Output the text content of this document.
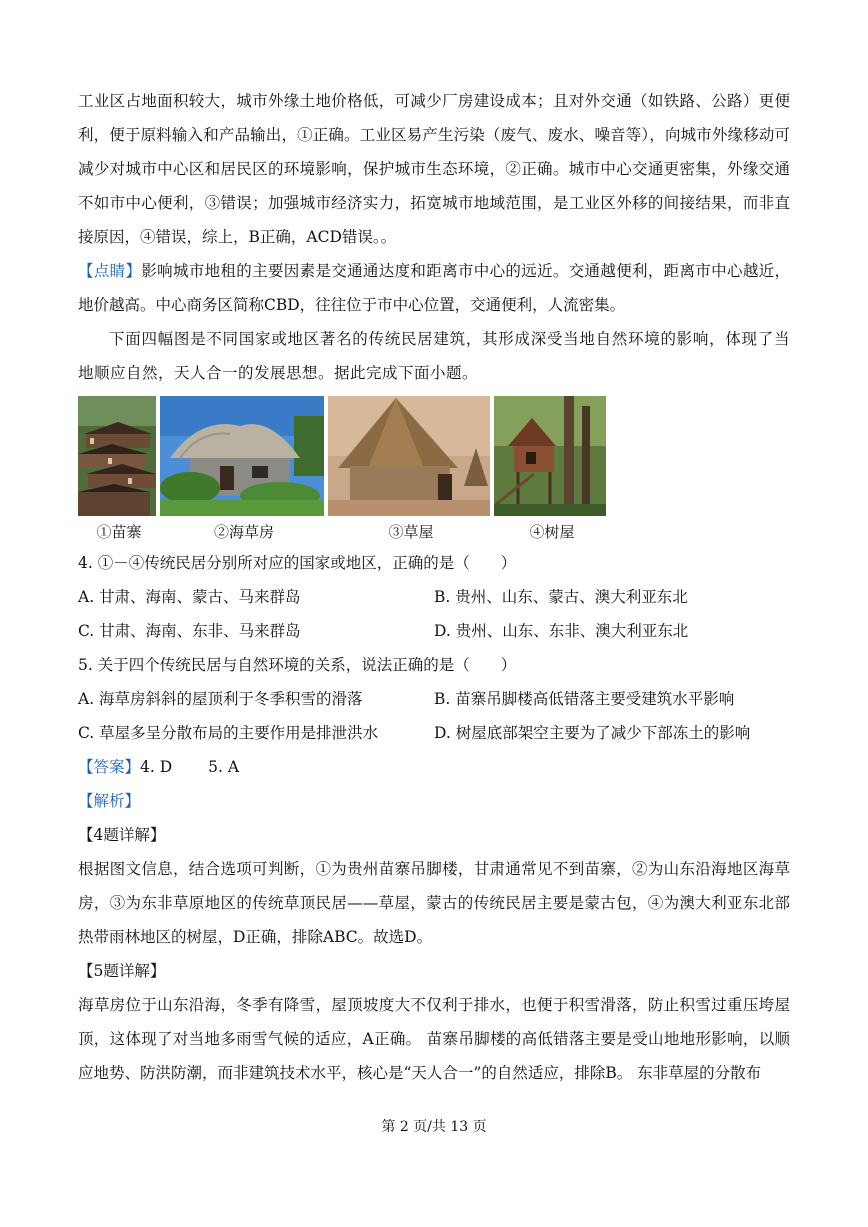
工业区占地面积较大，城市外缘土地价格低，可减少厂房建设成本；且对外交通（如铁路、公路）更便利，便于原料输入和产品输出，①正确。工业区易产生污染（废气、废水、噪音等），向城市外缘移动可减少对城市中心区和居民区的环境影响，保护城市生态环境，②正确。城市中心交通更密集，外缘交通不如市中心便利，③错误；加强城市经济实力，拓宽城市地域范围，是工业区外移的间接结果，而非直接原因，④错误，综上，B正确，ACD错误。。

【点睛】影响城市地租的主要因素是交通通达度和距离市中心的远近。交通越便利，距离市中心越近，地价越高。中心商务区简称CBD，往往位于市中心位置，交通便利，人流密集。

下面四幅图是不同国家或地区著名的传统民居建筑，其形成深受当地自然环境的影响，体现了当地顺应自然，天人合一的发展思想。据此完成下面小题。

①苗寨	②海草房	③草屋	④树屋

4. ①－④传统民居分别所对应的国家或地区，正确的是（　　）

A. 甘肃、海南、蒙古、马来群岛	B. 贵州、山东、蒙古、澳大利亚东北
C. 甘肃、海南、东非、马来群岛	D. 贵州、山东、东非、澳大利亚东北

5. 关于四个传统民居与自然环境的关系，说法正确的是（　　）

A. 海草房斜斜的屋顶利于冬季积雪的滑落	B. 苗寨吊脚楼高低错落主要受建筑水平影响
C. 草屋多呈分散布局的主要作用是排泄洪水	D. 树屋底部架空主要为了减少下部冻土的影响

【答案】4. D 5. A

【解析】

【4题详解】

根据图文信息，结合选项可判断，①为贵州苗寨吊脚楼，甘肃通常见不到苗寨，②为山东沿海地区海草房，③为东非草原地区的传统草顶民居——草屋，蒙古的传统民居主要是蒙古包，④为澳大利亚东北部热带雨林地区的树屋，D正确，排除ABC。故选D。

【5题详解】

海草房位于山东沿海，冬季有降雪，屋顶坡度大不仅利于排水，也便于积雪滑落，防止积雪过重压垮屋顶，这体现了对当地多雨雪气候的适应，A正确。 苗寨吊脚楼的高低错落主要是受山地地形影响，以顺应地势、防洪防潮，而非建筑技术水平，核心是“天人合一”的自然适应，排除B。 东非草屋的分散布

第 2 页/共 13 页
